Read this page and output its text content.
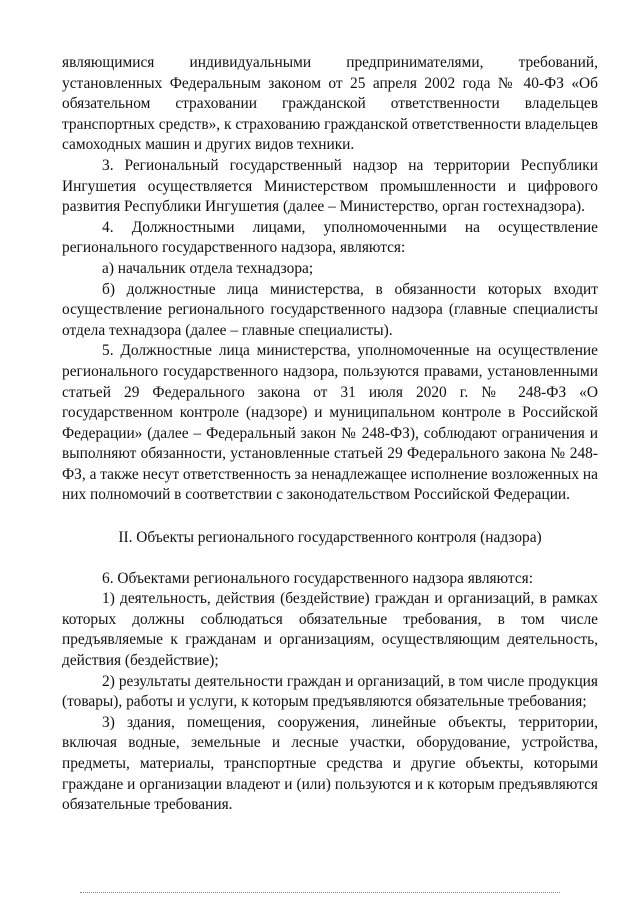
являющимися индивидуальными предпринимателями, требований, установленных Федеральным законом от 25 апреля 2002 года № 40-ФЗ «Об обязательном страховании гражданской ответственности владельцев транспортных средств», к страхованию гражданской ответственности владельцев самоходных машин и других видов техники.

3. Региональный государственный надзор на территории Республики Ингушетия осуществляется Министерством промышленности и цифрового развития Республики Ингушетия (далее – Министерство, орган гостехнадзора).

4. Должностными лицами, уполномоченными на осуществление регионального государственного надзора, являются:

а) начальник отдела технадзора;

б) должностные лица министерства, в обязанности которых входит осуществление регионального государственного надзора (главные специалисты отдела технадзора (далее – главные специалисты).

5. Должностные лица министерства, уполномоченные на осуществление регионального государственного надзора, пользуются правами, установленными статьей 29 Федерального закона от 31 июля 2020 г. № 248-ФЗ «О государственном контроле (надзоре) и муниципальном контроле в Российской Федерации» (далее – Федеральный закон № 248-ФЗ), соблюдают ограничения и выполняют обязанности, установленные статьей 29 Федерального закона № 248-ФЗ, а также несут ответственность за ненадлежащее исполнение возложенных на них полномочий в соответствии с законодательством Российской Федерации.

II. Объекты регионального государственного контроля (надзора)

6. Объектами регионального государственного надзора являются:

1) деятельность, действия (бездействие) граждан и организаций, в рамках которых должны соблюдаться обязательные требования, в том числе предъявляемые к гражданам и организациям, осуществляющим деятельность, действия (бездействие);

2) результаты деятельности граждан и организаций, в том числе продукция (товары), работы и услуги, к которым предъявляются обязательные требования;

3) здания, помещения, сооружения, линейные объекты, территории, включая водные, земельные и лесные участки, оборудование, устройства, предметы, материалы, транспортные средства и другие объекты, которыми граждане и организации владеют и (или) пользуются и к которым предъявляются обязательные требования.
